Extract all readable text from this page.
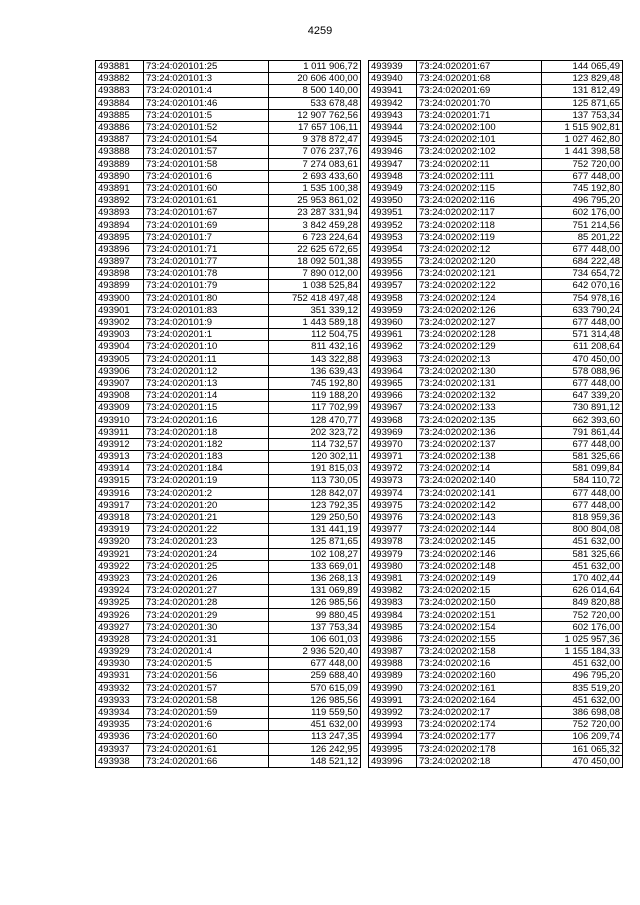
4259
493881	73:24:020101:25	1 011 906,72
493882	73:24:020101:3	20 606 400,00
493883	73:24:020101:4	8 500 140,00
493884	73:24:020101:46	533 678,48
493885	73:24:020101:5	12 907 762,56
493886	73:24:020101:52	17 657 106,11
493887	73:24:020101:54	9 378 872,47
493888	73:24:020101:57	7 076 237,76
493889	73:24:020101:58	7 274 083,61
493890	73:24:020101:6	2 693 433,60
493891	73:24:020101:60	1 535 100,38
493892	73:24:020101:61	25 953 861,02
493893	73:24:020101:67	23 287 331,94
493894	73:24:020101:69	3 842 459,28
493895	73:24:020101:7	6 723 224,64
493896	73:24:020101:71	22 625 672,65
493897	73:24:020101:77	18 092 501,38
493898	73:24:020101:78	7 890 012,00
493899	73:24:020101:79	1 038 525,84
493900	73:24:020101:80	752 418 497,48
493901	73:24:020101:83	351 339,12
493902	73:24:020101:9	1 443 589,18
493903	73:24:020201:1	112 504,75
493904	73:24:020201:10	811 432,16
493905	73:24:020201:11	143 322,88
493906	73:24:020201:12	136 639,43
493907	73:24:020201:13	745 192,80
493908	73:24:020201:14	119 188,20
493909	73:24:020201:15	117 702,99
493910	73:24:020201:16	128 470,77
493911	73:24:020201:18	202 323,72
493912	73:24:020201:182	114 732,57
493913	73:24:020201:183	120 302,11
493914	73:24:020201:184	191 815,03
493915	73:24:020201:19	113 730,05
493916	73:24:020201:2	128 842,07
493917	73:24:020201:20	123 792,35
493918	73:24:020201:21	129 250,50
493919	73:24:020201:22	131 441,19
493920	73:24:020201:23	125 871,65
493921	73:24:020201:24	102 108,27
493922	73:24:020201:25	133 669,01
493923	73:24:020201:26	136 268,13
493924	73:24:020201:27	131 069,89
493925	73:24:020201:28	126 985,56
493926	73:24:020201:29	99 880,45
493927	73:24:020201:30	137 753,34
493928	73:24:020201:31	106 601,03
493929	73:24:020201:4	2 936 520,40
493930	73:24:020201:5	677 448,00
493931	73:24:020201:56	259 688,40
493932	73:24:020201:57	570 615,09
493933	73:24:020201:58	126 985,56
493934	73:24:020201:59	119 559,50
493935	73:24:020201:6	451 632,00
493936	73:24:020201:60	113 247,35
493937	73:24:020201:61	126 242,95
493938	73:24:020201:66	148 521,12
493939	73:24:020201:67	144 065,49
493940	73:24:020201:68	123 829,48
493941	73:24:020201:69	131 812,49
493942	73:24:020201:70	125 871,65
493943	73:24:020201:71	137 753,34
493944	73:24:020202:100	1 515 902,81
493945	73:24:020202:101	1 027 462,80
493946	73:24:020202:102	1 441 398,58
493947	73:24:020202:11	752 720,00
493948	73:24:020202:111	677 448,00
493949	73:24:020202:115	745 192,80
493950	73:24:020202:116	496 795,20
493951	73:24:020202:117	602 176,00
493952	73:24:020202:118	751 214,56
493953	73:24:020202:119	85 201,22
493954	73:24:020202:12	677 448,00
493955	73:24:020202:120	684 222,48
493956	73:24:020202:121	734 654,72
493957	73:24:020202:122	642 070,16
493958	73:24:020202:124	754 978,16
493959	73:24:020202:126	633 790,24
493960	73:24:020202:127	677 448,00
493961	73:24:020202:128	571 314,48
493962	73:24:020202:129	611 208,64
493963	73:24:020202:13	470 450,00
493964	73:24:020202:130	578 088,96
493965	73:24:020202:131	677 448,00
493966	73:24:020202:132	647 339,20
493967	73:24:020202:133	730 891,12
493968	73:24:020202:135	662 393,60
493969	73:24:020202:136	791 861,44
493970	73:24:020202:137	677 448,00
493971	73:24:020202:138	581 325,66
493972	73:24:020202:14	581 099,84
493973	73:24:020202:140	584 110,72
493974	73:24:020202:141	677 448,00
493975	73:24:020202:142	677 448,00
493976	73:24:020202:143	818 959,36
493977	73:24:020202:144	800 804,08
493978	73:24:020202:145	451 632,00
493979	73:24:020202:146	581 325,66
493980	73:24:020202:148	451 632,00
493981	73:24:020202:149	170 402,44
493982	73:24:020202:15	626 014,64
493983	73:24:020202:150	849 820,88
493984	73:24:020202:151	752 720,00
493985	73:24:020202:154	602 176,00
493986	73:24:020202:155	1 025 957,36
493987	73:24:020202:158	1 155 184,33
493988	73:24:020202:16	451 632,00
493989	73:24:020202:160	496 795,20
493990	73:24:020202:161	835 519,20
493991	73:24:020202:164	451 632,00
493992	73:24:020202:17	386 698,08
493993	73:24:020202:174	752 720,00
493994	73:24:020202:177	106 209,74
493995	73:24:020202:178	161 065,32
493996	73:24:020202:18	470 450,00
